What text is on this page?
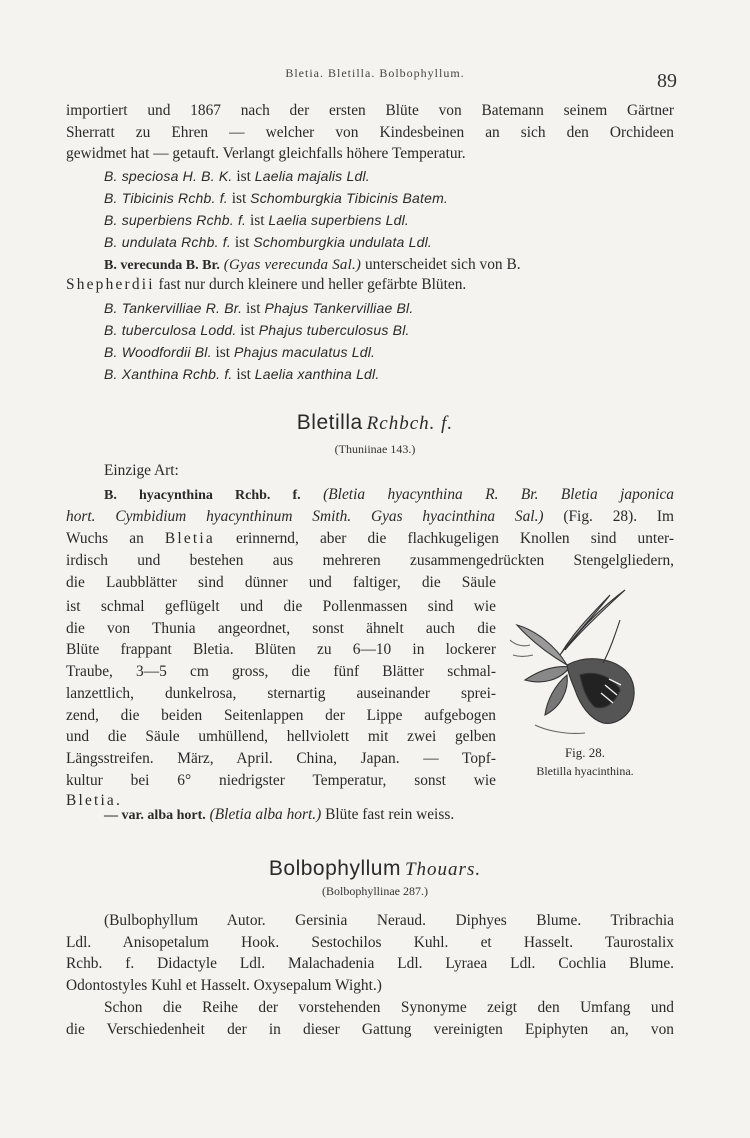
Bletia. Bletilla. Bolbophyllum.	89
importiert und 1867 nach der ersten Blüte von Batemann seinem Gärtner
Sherratt zu Ehren — welcher von Kindesbeinen an sich den Orchideen
gewidmet hat — getauft. Verlangt gleichfalls höhere Temperatur.
B. speciosa H. B. K. ist Laelia majalis Ldl.
B. Tibicinis Rchb. f. ist Schomburgkia Tibicinis Batem.
B. superbiens Rchb. f. ist Laelia superbiens Ldl.
B. undulata Rchb. f. ist Schomburgkia undulata Ldl.
B. verecunda B. Br. (Gyas verecunda Sal.) unterscheidet sich von B.
Shepherdii fast nur durch kleinere und heller gefärbte Blüten.
B. Tankervilliae R. Br. ist Phajus Tankervilliae Bl.
B. tuberculosa Lodd. ist Phajus tuberculosus Bl.
B. Woodfordii Bl. ist Phajus maculatus Ldl.
B. Xanthina Rchb. f. ist Laelia xanthina Ldl.
Bletilla Rchbch. f.
(Thuniinae 143.)
Einzige Art:
B. hyacynthina Rchb. f. (Bletia hyacynthina R. Br. Bletia japonica
hort. Cymbidium hyacynthinum Smith. Gyas hyacinthina Sal.) (Fig. 28). Im
Wuchs an Bletia erinnernd, aber die flachkugeligen Knollen sind unter-
irdisch und bestehen aus mehreren zusammengedrückten Stengelgliedern,
die Laubblätter sind dünner und faltiger, die Säule
ist schmal geflügelt und die Pollenmassen sind wie
die von Thunia angeordnet, sonst ähnelt auch die
Blüte frappant Bletia. Blüten zu 6—10 in lockerer
Traube, 3—5 cm gross, die fünf Blätter schmal-
lanzettlich, dunkelrosa, sternartig auseinander sprei-
zend, die beiden Seitenlappen der Lippe aufgebogen
und die Säule umhüllend, hellviolett mit zwei gelben
Längsstreifen. März, April. China, Japan. — Topf-
kultur bei 6° niedrigster Temperatur, sonst wie
Bletia.
Fig. 28.
Bletilla hyacinthina.
— var. alba hort. (Bletia alba hort.) Blüte fast rein weiss.
Bolbophyllum Thouars.
(Bolbophyllinae 287.)
(Bulbophyllum Autor. Gersinia Neraud. Diphyes Blume. Tribrachia
Ldl. Anisopetalum Hook. Sestochilos Kuhl. et Hasselt. Taurostalix
Rchb. f. Didactyle Ldl. Malachadenia Ldl. Lyraea Ldl. Cochlia Blume.
Odontostyles Kuhl et Hasselt. Oxysepalum Wight.)
Schon die Reihe der vorstehenden Synonyme zeigt den Umfang und
die Verschiedenheit der in dieser Gattung vereinigten Epiphyten an, von
